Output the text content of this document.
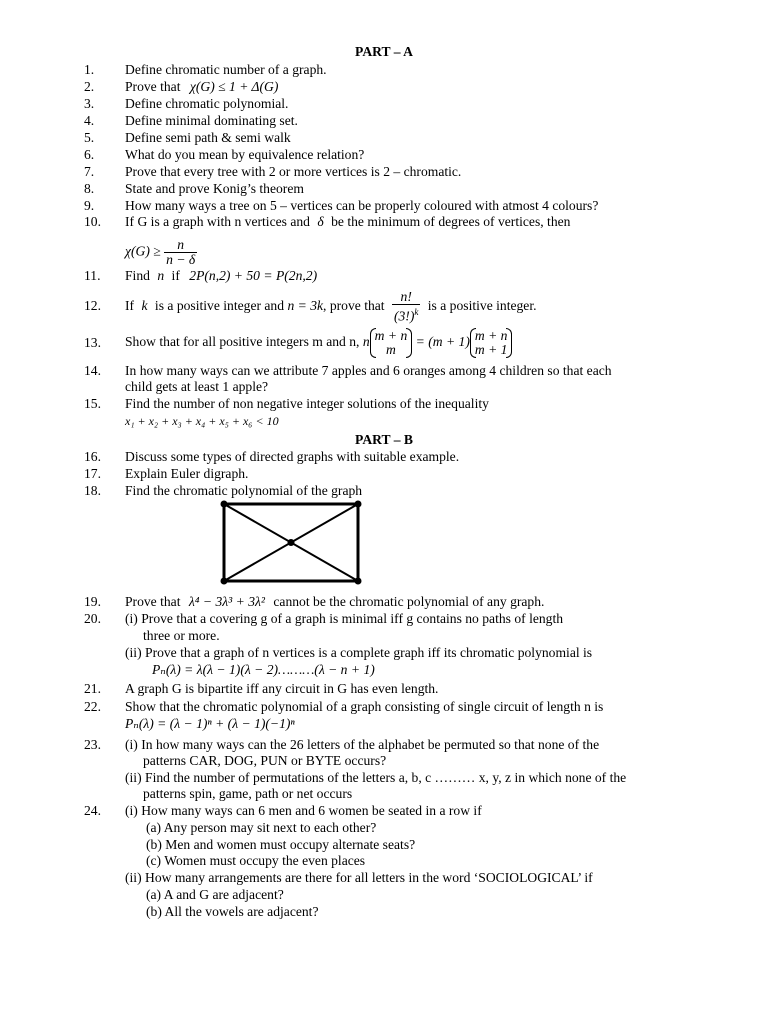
PART – A
1. Define chromatic number of a graph.
2. Prove that χ(G) ≤ 1 + Δ(G)
3. Define chromatic polynomial.
4. Define minimal dominating set.
5. Define semi path & semi walk
6. What do you mean by equivalence relation?
7. Prove that every tree with 2 or more vertices is 2 – chromatic.
8. State and prove Konig’s theorem
9. How many ways a tree on 5 – vertices can be properly coloured with atmost 4 colours?
10. If G is a graph with n vertices and δ be the minimum of degrees of vertices, then
$\chi(G) \ge \frac{n}{n - \delta}$
11. Find n if 2P(n,2) + 50 = P(2n,2)
12. If k is a positive integer and n = 3k, prove that $\frac{n!}{(3!)^k}$ is a positive integer.
13. Show that for all positive integers m and n, n m + n
m
= (m + 1) m + n
m + 1
14. In how many ways can we attribute 7 apples and 6 oranges among 4 children so that each
child gets at least 1 apple?
15. Find the number of non negative integer solutions of the inequality
x₁ + x₂ + x₃ + x₄ + x₅ + x₆ < 10
PART – B
16. Discuss some types of directed graphs with suitable example.
17. Explain Euler digraph.
18. Find the chromatic polynomial of the graph
19. Prove that λ⁴ − 3λ³ + 3λ² cannot be the chromatic polynomial of any graph.
20. (i) Prove that a covering g of a graph is minimal iff g contains no paths of length
three or more.
(ii) Prove that a graph of n vertices is a complete graph iff its chromatic polynomial is
Pₙ(λ) = λ(λ − 1)(λ − 2)………(λ − n + 1)
21. A graph G is bipartite iff any circuit in G has even length.
22. Show that the chromatic polynomial of a graph consisting of single circuit of length n is
Pₙ(λ) = (λ − 1)ⁿ + (λ − 1)(−1)ⁿ
23. (i) In how many ways can the 26 letters of the alphabet be permuted so that none of the
patterns CAR, DOG, PUN or BYTE occurs?
(ii) Find the number of permutations of the letters a, b, c ……… x, y, z in which none of the
patterns spin, game, path or net occurs
24. (i) How many ways can 6 men and 6 women be seated in a row if
(a) Any person may sit next to each other?
(b) Men and women must occupy alternate seats?
(c) Women must occupy the even places
(ii) How many arrangements are there for all letters in the word ‘SOCIOLOGICAL’ if
(a) A and G are adjacent?
(b) All the vowels are adjacent?
